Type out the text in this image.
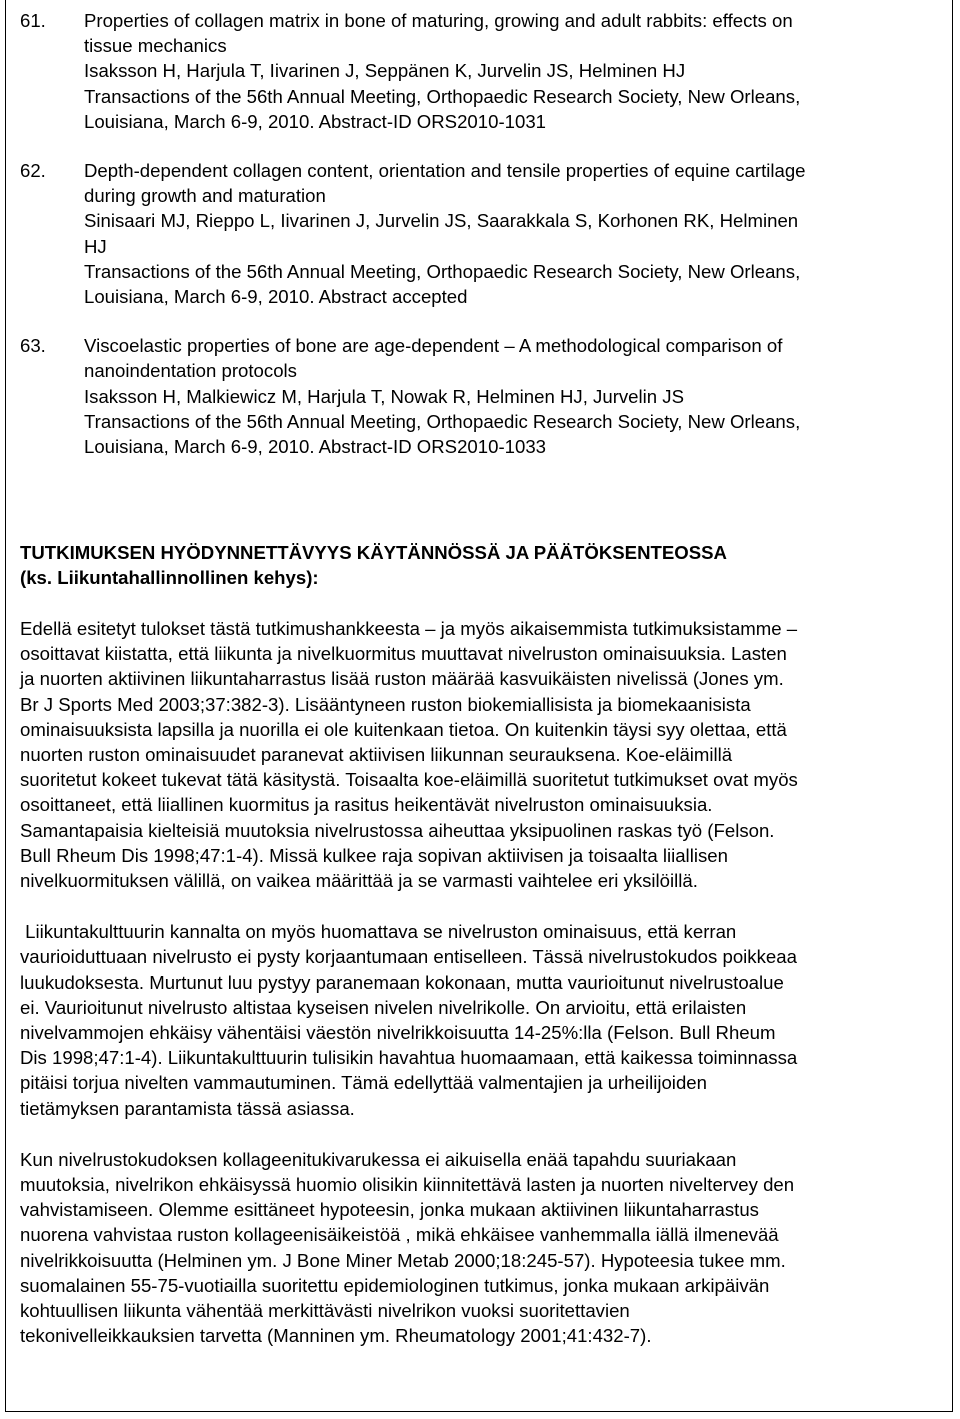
61.	Properties of collagen matrix in bone of maturing, growing and adult rabbits: effects on
tissue mechanics
Isaksson H, Harjula T, Iivarinen J, Seppänen K, Jurvelin JS, Helminen HJ
Transactions of the 56th Annual Meeting, Orthopaedic Research Society, New Orleans,
Louisiana, March 6-9, 2010. Abstract-ID ORS2010-1031
62.	Depth-dependent collagen content, orientation and tensile properties of equine cartilage
during growth and maturation
Sinisaari MJ, Rieppo L, Iivarinen J, Jurvelin JS, Saarakkala S, Korhonen RK, Helminen
HJ
Transactions of the 56th Annual Meeting, Orthopaedic Research Society, New Orleans,
Louisiana, March 6-9, 2010. Abstract accepted
63.	Viscoelastic properties of bone are age-dependent – A methodological comparison of
nanoindentation protocols
Isaksson H, Malkiewicz M, Harjula T, Nowak R, Helminen HJ, Jurvelin JS
Transactions of the 56th Annual Meeting, Orthopaedic Research Society, New Orleans,
Louisiana, March 6-9, 2010. Abstract-ID ORS2010-1033
TUTKIMUKSEN HYÖDYNNETTÄVYYS KÄYTÄNNÖSSÄ JA PÄÄTÖKSENTEOSSA
(ks. Liikuntahallinnollinen kehys):
Edellä esitetyt tulokset tästä tutkimushankkeesta – ja myös aikaisemmista tutkimuksistamme –
osoittavat kiistatta, että liikunta ja nivelkuormitus muuttavat nivelruston ominaisuuksia. Lasten
ja nuorten aktiivinen liikuntaharrastus lisää ruston määrää kasvuikäisten nivelissä (Jones ym.
Br J Sports Med 2003;37:382-3). Lisääntyneen ruston biokemiallisista ja biomekaanisista
ominaisuuksista lapsilla ja nuorilla ei ole kuitenkaan tietoa. On kuitenkin täysi syy olettaa, että
nuorten ruston ominaisuudet paranevat aktiivisen liikunnan seurauksena. Koe-eläimillä
suoritetut kokeet tukevat tätä käsitystä. Toisaalta koe-eläimillä suoritetut tutkimukset ovat myös
osoittaneet, että liiallinen kuormitus ja rasitus heikentävät nivelruston ominaisuuksia.
Samantapaisia kielteisiä muutoksia nivelrustossa aiheuttaa yksipuolinen raskas työ (Felson.
Bull Rheum Dis 1998;47:1-4). Missä kulkee raja sopivan aktiivisen ja toisaalta liiallisen
nivelkuormituksen välillä, on vaikea määrittää ja se varmasti vaihtelee eri yksilöillä.
Liikuntakulttuurin kannalta on myös huomattava se nivelruston ominaisuus, että kerran
vaurioiduttuaan nivelrusto ei pysty korjaantumaan entiselleen. Tässä nivelrustokudos poikkeaa
luukudoksesta. Murtunut luu pystyy paranemaan kokonaan, mutta vaurioitunut nivelrustoalue
ei. Vaurioitunut nivelrusto altistaa kyseisen nivelen nivelrikolle. On arvioitu, että erilaisten
nivelvammojen ehkäisy vähentäisi väestön nivelrikkoisuutta 14-25%:lla (Felson. Bull Rheum
Dis 1998;47:1-4). Liikuntakulttuurin tulisikin havahtua huomaamaan, että kaikessa toiminnassa
pitäisi torjua nivelten vammautuminen. Tämä edellyttää valmentajien ja urheilijoiden
tietämyksen parantamista tässä asiassa.
Kun nivelrustokudoksen kollageenitukivarukessa ei aikuisella enää tapahdu suuriakaan
muutoksia, nivelrikon ehkäisyssä huomio olisikin kiinnitettävä lasten ja nuorten niveltervey den
vahvistamiseen. Olemme esittäneet hypoteesin, jonka mukaan aktiivinen liikuntaharrastus
nuorena vahvistaa ruston kollageenisäikeistöä , mikä ehkäisee vanhemmalla iällä ilmenevää
nivelrikkoisuutta (Helminen ym. J Bone Miner Metab 2000;18:245-57). Hypoteesia tukee mm.
suomalainen 55-75-vuotiailla suoritettu epidemiologinen tutkimus, jonka mukaan arkipäivän
kohtuullisen liikunta vähentää merkittävästi nivelrikon vuoksi suoritettavien
tekonivelleikkauksien tarvetta (Manninen ym. Rheumatology 2001;41:432-7).
